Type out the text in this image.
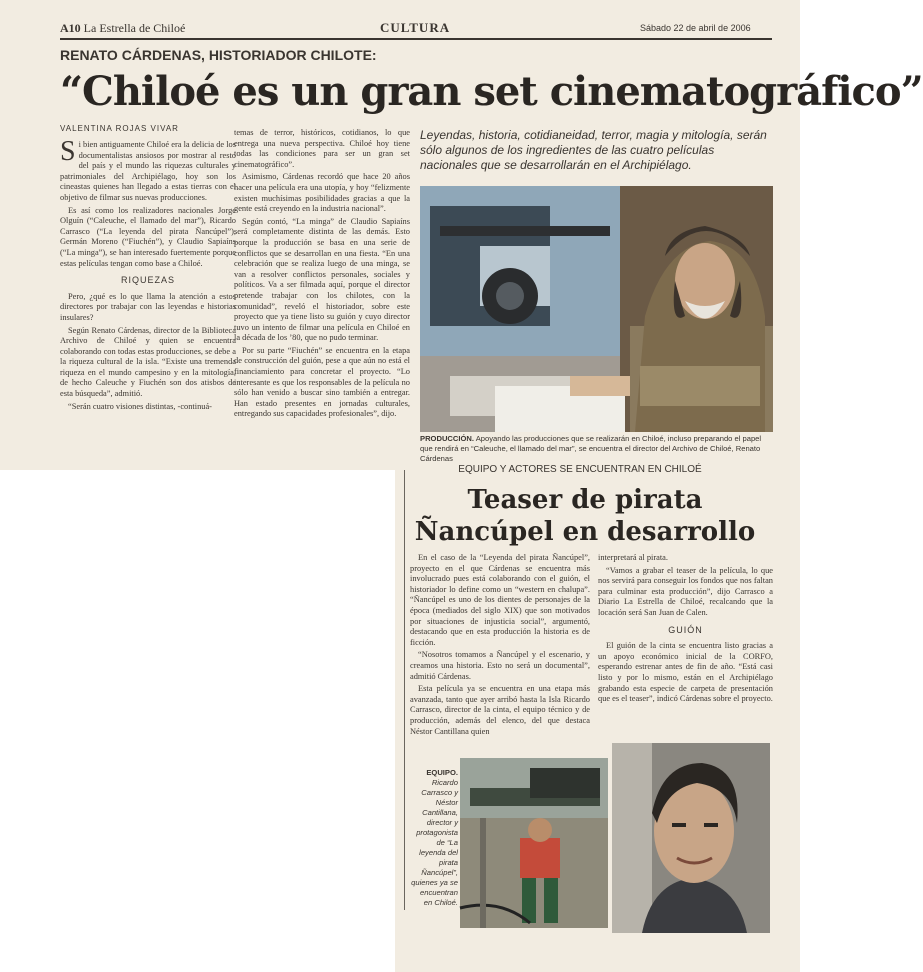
A10 La Estrella de Chiloé	CULTURA	Sábado 22 de abril de 2006
RENATO CÁRDENAS, HISTORIADOR CHILOTE:
“Chiloé es un gran set cinematográfico”
VALENTINA ROJAS VIVAR

Si bien antiguamente Chiloé era la delicia de los documentalistas ansiosos por mostrar al resto del país y el mundo las riquezas culturales y patrimoniales del Archipiélago, hoy son los cineastas quienes han llegado a estas tierras con el objetivo de filmar sus nuevas producciones.

Es así como los realizadores nacionales Jorge Olguín (“Caleuche, el llamado del mar”), Ricardo Carrasco (“La leyenda del pirata Ñancúpel”), Germán Moreno (“Fiuchén”), y Claudio Sapiaíns (“La minga”), se han interesado fuertemente porque estas películas tengan como base a Chiloé.

RIQUEZAS

Pero, ¿qué es lo que llama la atención a estos directores por trabajar con las leyendas e historias insulares?

Según Renato Cárdenas, director de la Biblioteca Archivo de Chiloé y quien se encuentra colaborando con todas estas producciones, se debe a la riqueza cultural de la isla. “Existe una tremenda riqueza en el mundo campesino y en la mitología, de hecho Caleuche y Fiuchén son dos atisbos de esta búsqueda”, admitió.

“Serán cuatro visiones distintas, -continuá-

temas de terror, históricos, cotidianos, lo que entrega una nueva perspectiva. Chiloé hoy tiene todas las condiciones para ser un gran set cinematográfico”.

Asimismo, Cárdenas recordó que hace 20 años hacer una película era una utopía, y hoy “felizmente existen muchísimas posibilidades gracias a que la gente está creyendo en la industria nacional”.

Según contó, “La minga” de Claudio Sapiaíns será completamente distinta de las demás. Esto porque la producción se basa en una serie de conflictos que se desarrollan en una fiesta. “En una celebración que se realiza luego de una minga, se van a resolver conflictos personales, sociales y políticos. Va a ser filmada aquí, porque el director pretende trabajar con los chilotes, con la comunidad”, reveló el historiador, sobre este proyecto que ya tiene listo su guión y cuyo director tuvo un intento de filmar una película en Chiloé en la década de los ’80, que no pudo terminar.

Por su parte “Fiuchén” se encuentra en la etapa de construcción del guión, pese a que aún no está el financiamiento para concretar el proyecto. “Lo interesante es que los responsables de la película no sólo han venido a buscar sino también a entregar. Han estado presentes en jornadas culturales, entregando sus capacidades profesionales”, dijo.

Leyendas, historia, cotidianeidad, terror, magia y mitología, serán sólo algunos de los ingredientes de las cuatro películas nacionales que se desarrollarán en el Archipiélago.
PRODUCCIÓN. Apoyando las producciones que se realizarán en Chiloé, incluso preparando el papel que rendirá en “Caleuche, el llamado del mar”, se encuentra el director del Archivo de Chiloé, Renato Cárdenas
EQUIPO Y ACTORES SE ENCUENTRAN EN CHILOÉ
Teaser de pirata
Ñancúpel en desarrollo

En el caso de la “Leyenda del pirata Ñancúpel”, proyecto en el que Cárdenas se encuentra más involucrado pues está colaborando con el guión, el historiador lo define como un “western en chalupa”. “Ñancúpel es uno de los dientes de personajes de la época (mediados del siglo XIX) que son motivados por situaciones de injusticia social”, argumentó, destacando que en esta producción la historia es de ficción.

“Nosotros tomamos a Ñancúpel y el escenario, y creamos una historia. Esto no será un documental”, admitió Cárdenas.

Esta película ya se encuentra en una etapa más avanzada, tanto que ayer arribó hasta la Isla Ricardo Carrasco, director de la cinta, el equipo técnico y de producción, además del elenco, del que destaca Néstor Cantillana quien

interpretará al pirata.

“Vamos a grabar el teaser de la película, lo que nos servirá para conseguir los fondos que nos faltan para culminar esta producción”, dijo Carrasco a Diario La Estrella de Chiloé, recalcando que la locación será San Juan de Calen.

GUIÓN

El guión de la cinta se encuentra listo gracias a un apoyo económico inicial de la CORFO, esperando estrenar antes de fin de año. “Está casi listo y por lo mismo, están en el Archipiélago grabando esta especie de carpeta de presentación que es el teaser”, indicó Cárdenas sobre el proyecto.

EQUIPO. Ricardo Carrasco y Néstor Cantillana, director y protagonista de “La leyenda del pirata Ñancúpel”, quienes ya se encuentran en Chiloé.
